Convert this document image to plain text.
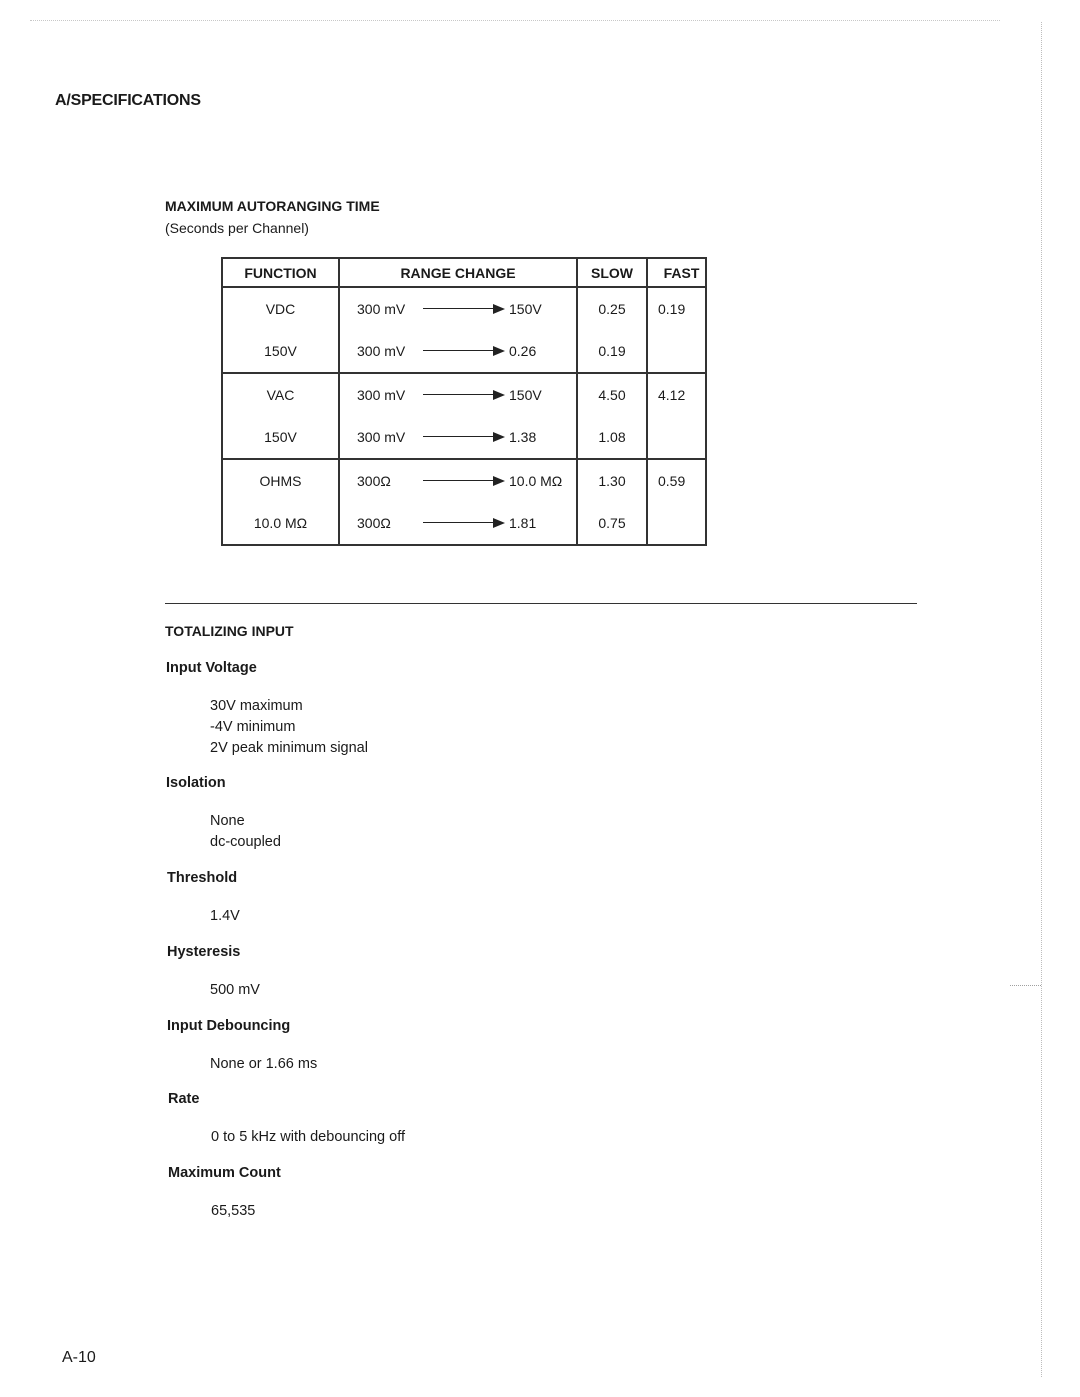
A/SPECIFICATIONS
MAXIMUM AUTORANGING TIME
(Seconds per Channel)
FUNCTION	RANGE CHANGE	SLOW	FAST
VDC	300 mV 150V	0.25	0.19
150V	300 mV 0.26	0.19	
VAC	300 mV 150V	4.50	4.12
150V	300 mV 1.38	1.08	
OHMS	300Ω 10.0 MΩ	1.30	0.59
10.0 MΩ	300Ω 1.81	0.75	
TOTALIZING INPUT
Input Voltage
30V maximum
-4V minimum
2V peak minimum signal
Isolation
None
dc-coupled
Threshold
1.4V
Hysteresis
500 mV
Input Debouncing
None or 1.66 ms
Rate
0 to 5 kHz with debouncing off
Maximum Count
65,535
A-10
